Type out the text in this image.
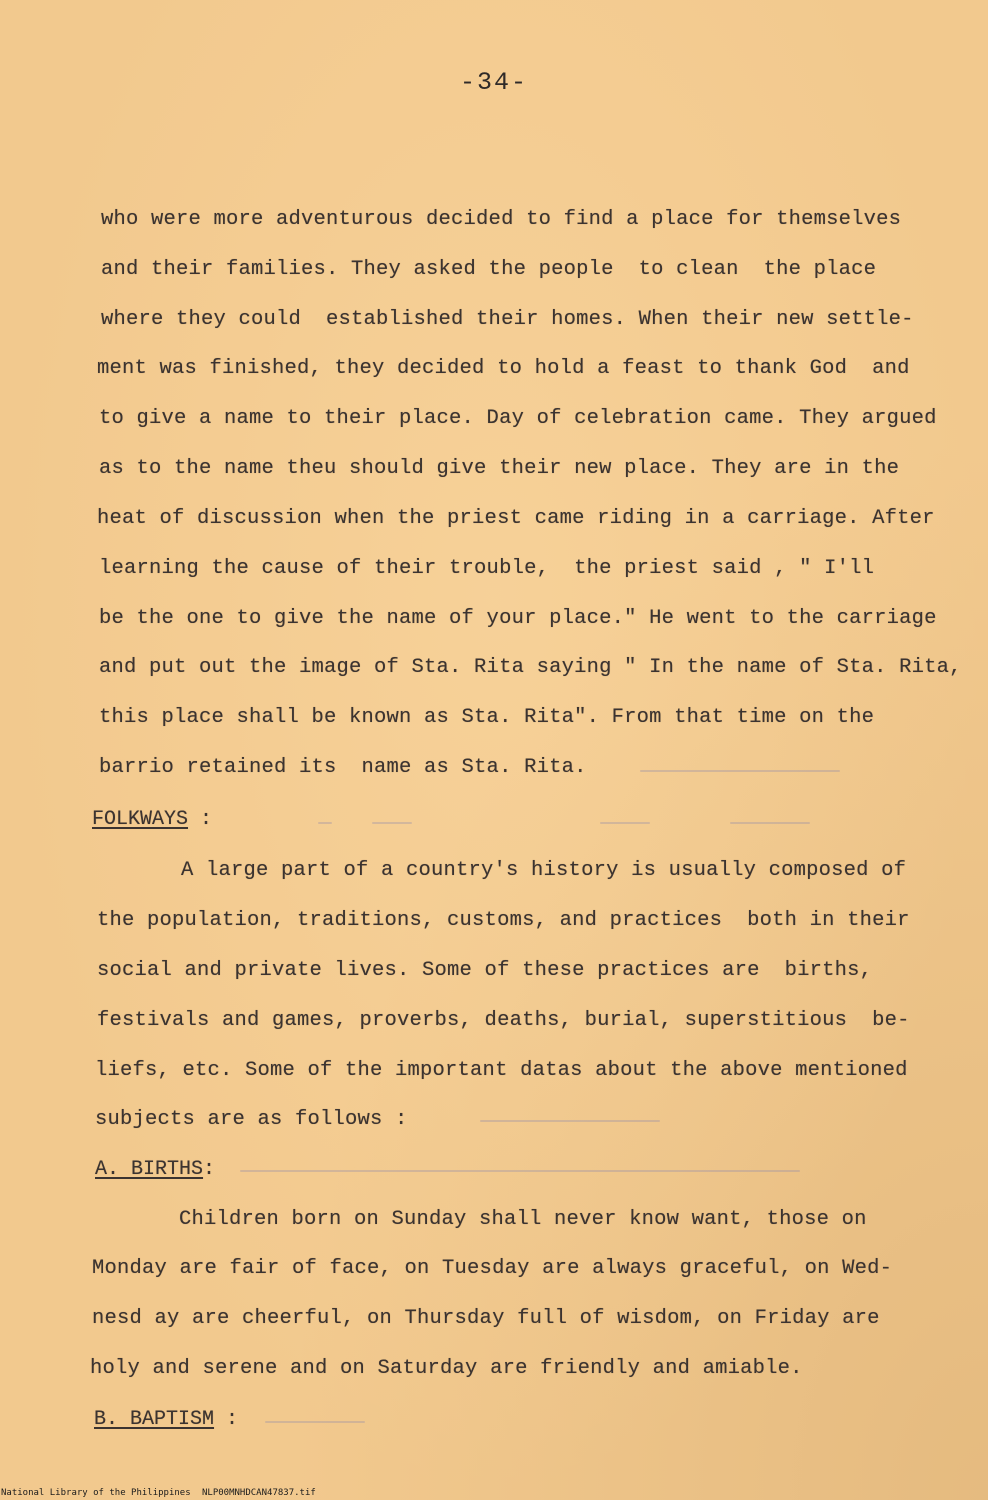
-34-
who were more adventurous decided to find a place for themselves
and their families. They asked the people  to clean  the place
where they could  established their homes. When their new settle-
ment was finished, they decided to hold a feast to thank God  and
to give a name to their place. Day of celebration came. They argued
as to the name theu should give their new place. They are in the
heat of discussion when the priest came riding in a carriage. After
learning the cause of their trouble,  the priest said , " I'll
be the one to give the name of your place." He went to the carriage
and put out the image of Sta. Rita saying " In the name of Sta. Rita,
this place shall be known as Sta. Rita". From that time on the
barrio retained its  name as Sta. Rita.
FOLKWAYS :
A large part of a country's history is usually composed of
the population, traditions, customs, and practices  both in their
social and private lives. Some of these practices are  births,
festivals and games, proverbs, deaths, burial, superstitious  be-
liefs, etc. Some of the important datas about the above mentioned
subjects are as follows :
A. BIRTHS:
Children born on Sunday shall never know want, those on
Monday are fair of face, on Tuesday are always graceful, on Wed-
nesd ay are cheerful, on Thursday full of wisdom, on Friday are
holy and serene and on Saturday are friendly and amiable.
B. BAPTISM :

National Library of the Philippines

NLP00MNHDCAN47837.tif
